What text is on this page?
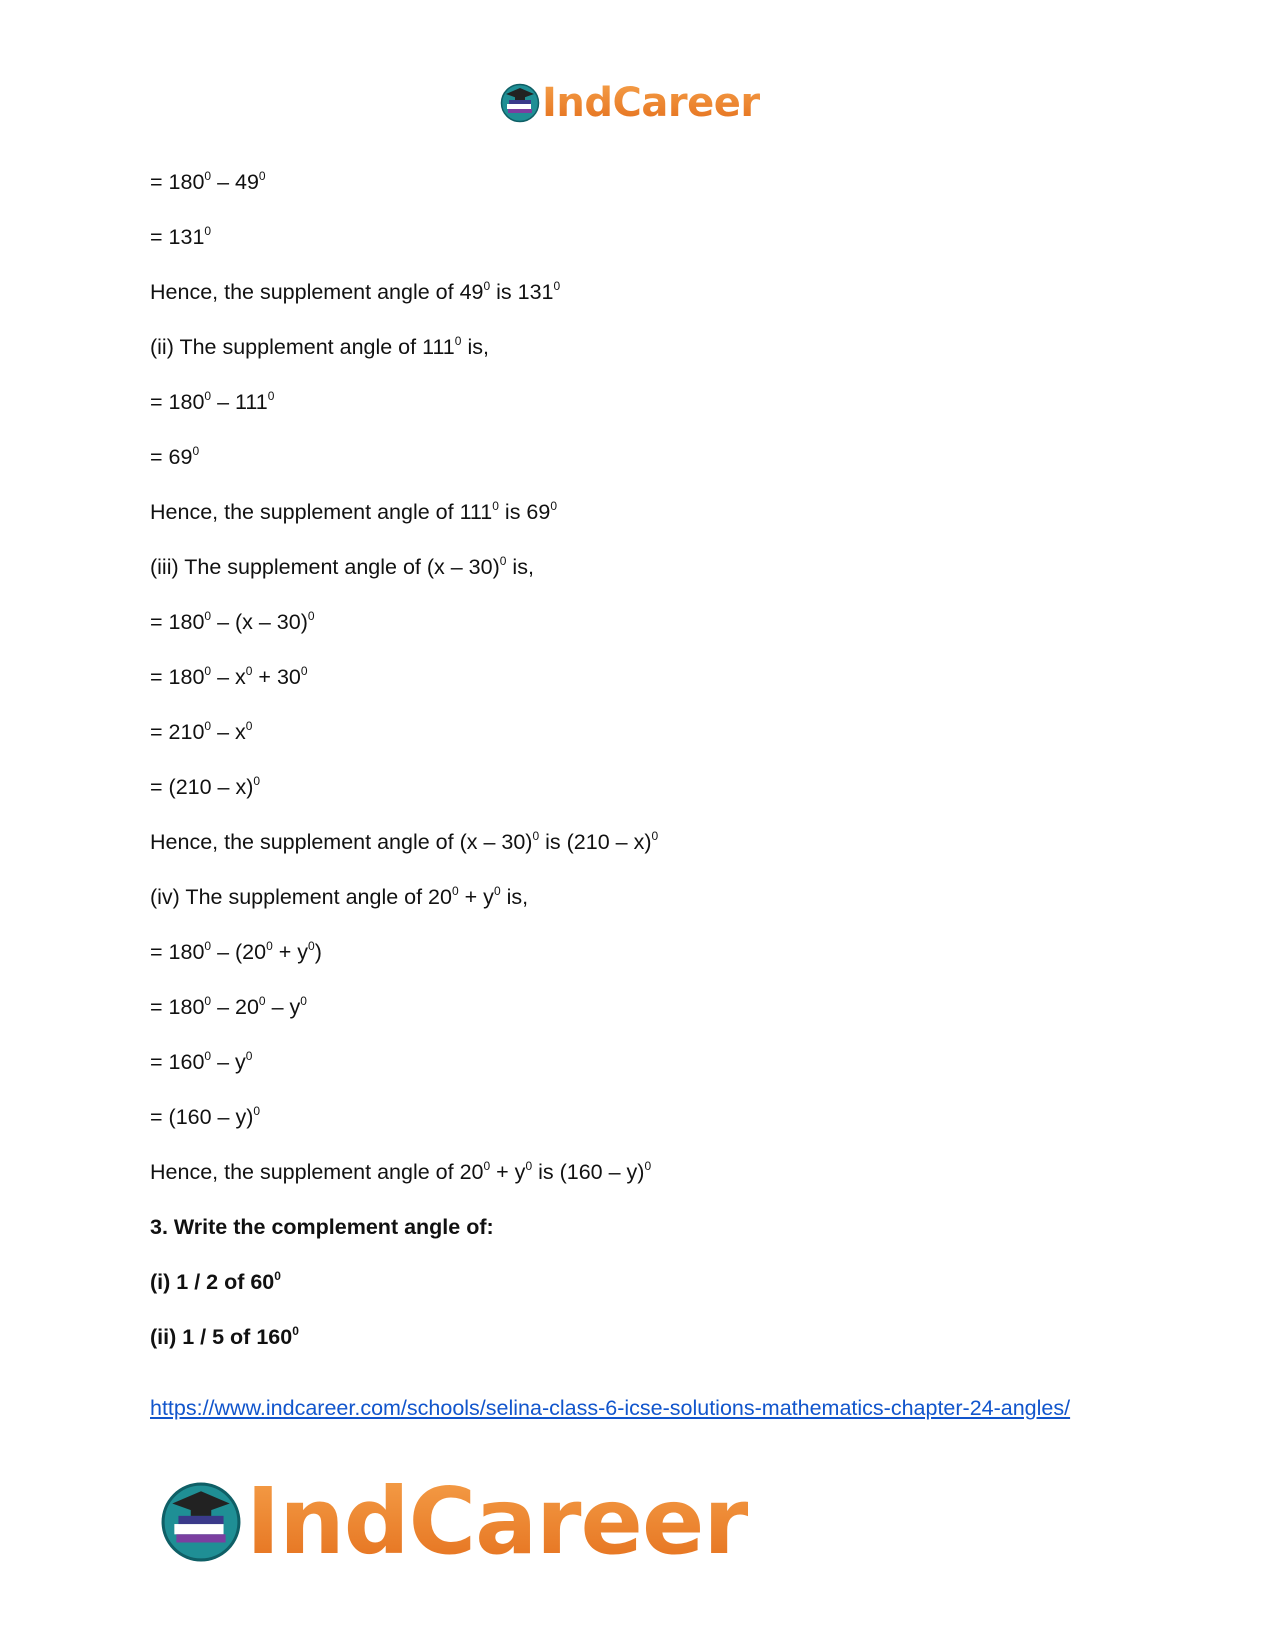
IndCareer
= $180^0 - 49^0$
= $131^0$
Hence, the supplement angle of $49^0$ is $131^0$
(ii) The supplement angle of $111^0$ is,
= $180^0 - 111^0$
= $69^0$
Hence, the supplement angle of $111^0$ is $69^0$
(iii) The supplement angle of (x – 30)$^0$ is,
= $180^0 - (x - 30)^0$
= $180^0 - x^0 + 30^0$
= $210^0 - x^0$
= (210 – x)$^0$
Hence, the supplement angle of (x – 30)$^0$ is (210 – x)$^0$
(iv) The supplement angle of $20^0 + y^0$ is,
= $180^0 - (20^0 + y^0)$
= $180^0 - 20^0 - y^0$
= $160^0 - y^0$
= (160 – y)$^0$
Hence, the supplement angle of $20^0 + y^0$ is (160 – y)$^0$
3. Write the complement angle of:
(i) 1 / 2 of $60^0$
(ii) 1 / 5 of $160^0$
https://www.indcareer.com/schools/selina-class-6-icse-solutions-mathematics-chapter-24-angles/
IndCareer
